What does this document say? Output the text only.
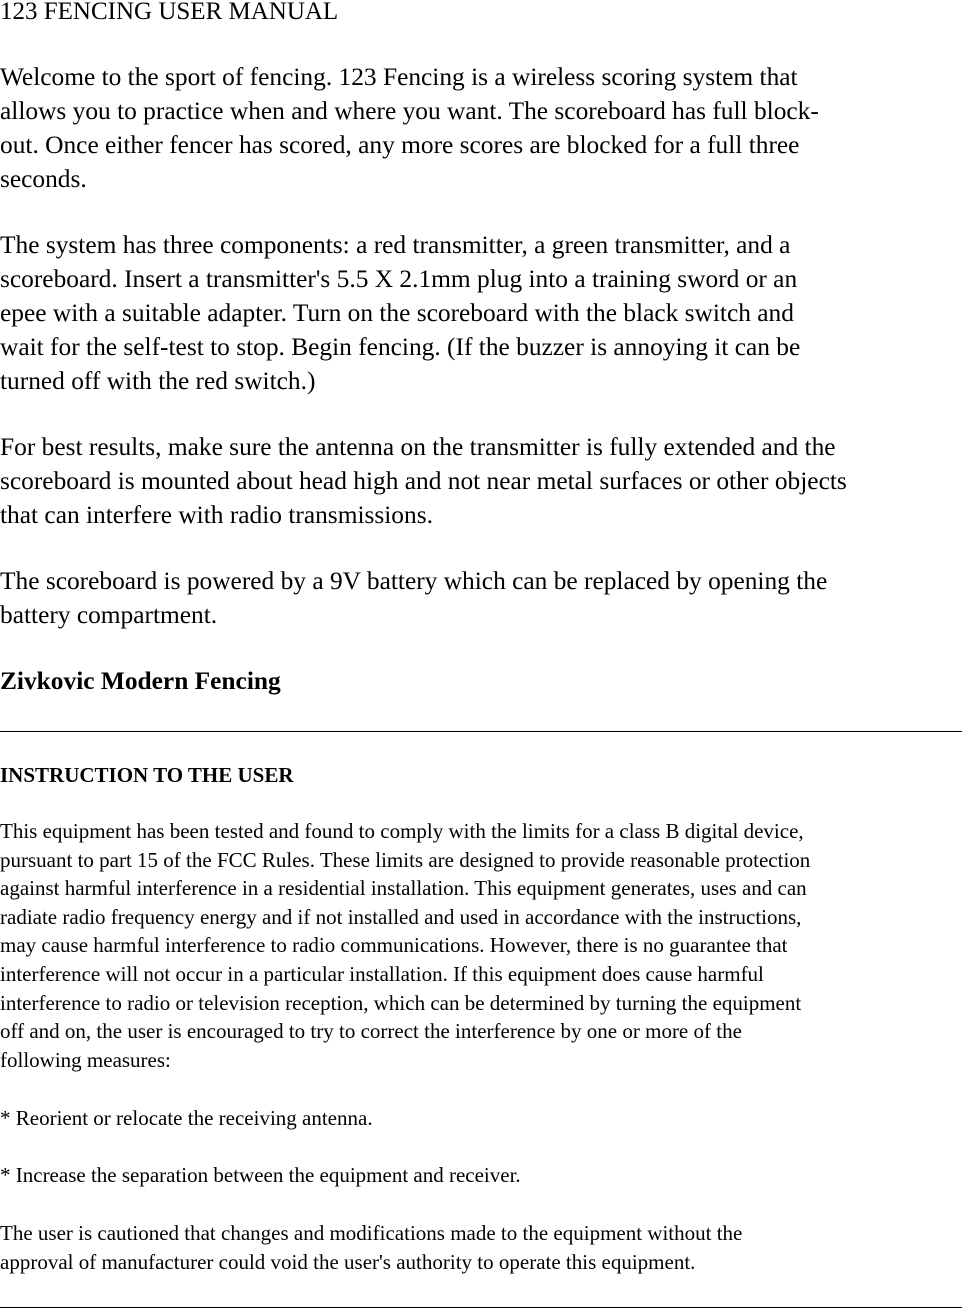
123 FENCING USER MANUAL

Welcome to the sport of fencing. 123 Fencing is a wireless scoring system that
allows you to practice when and where you want. The scoreboard has full block-
out. Once either fencer has scored, any more scores are blocked for a full three
seconds.

The system has three components: a red transmitter, a green transmitter, and a
scoreboard. Insert a transmitter's 5.5 X 2.1mm plug into a training sword or an
epee with a suitable adapter. Turn on the scoreboard with the black switch and
wait for the self-test to stop. Begin fencing. (If the buzzer is annoying it can be
turned off with the red switch.)

For best results, make sure the antenna on the transmitter is fully extended and the
scoreboard is mounted about head high and not near metal surfaces or other objects
that can interfere with radio transmissions.

The scoreboard is powered by a 9V battery which can be replaced by opening the
battery compartment.

Zivkovic Modern Fencing

INSTRUCTION TO THE USER

This equipment has been tested and found to comply with the limits for a class B digital device,
pursuant to part 15 of the FCC Rules. These limits are designed to provide reasonable protection
against harmful interference in a residential installation. This equipment generates, uses and can
radiate radio frequency energy and if not installed and used in accordance with the instructions,
may cause harmful interference to radio communications. However, there is no guarantee that
interference will not occur in a particular installation. If this equipment does cause harmful
interference to radio or television reception, which can be determined by turning the equipment
off and on, the user is encouraged to try to correct the interference by one or more of the
following measures:

* Reorient or relocate the receiving antenna.

* Increase the separation between the equipment and receiver.

The user is cautioned that changes and modifications made to the equipment without the
approval of manufacturer could void the user's authority to operate this equipment.
